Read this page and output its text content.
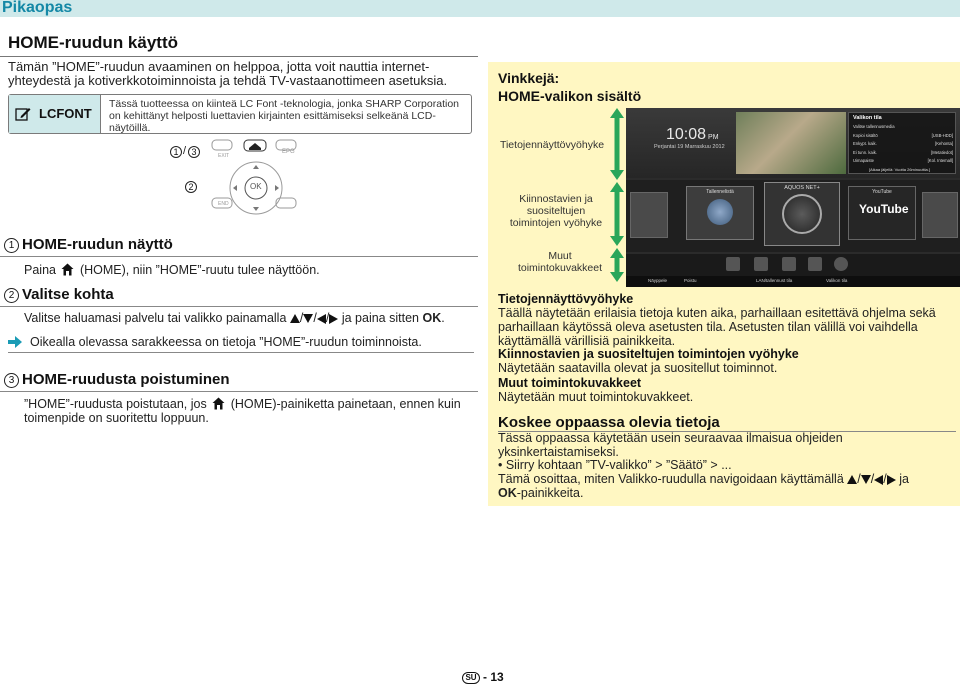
Pikaopas
HOME-ruudun käyttö
Tämän ”HOME”-ruudun avaaminen on helppoa, jotta voit nauttia internet-yhteydestä ja kotiverkkotoiminnoista ja tehdä TV-vastaanottimeen asetuksia.
LCFONT
Tässä tuotteessa on kiinteä LC Font -teknologia, jonka SHARP Corporation on kehittänyt helposti luettavien kirjainten esittämiseksi selkeänä LCD-näytöillä.
1 / 3
2
EXIT
EPG
OK
END
1 HOME-ruudun näyttö
Paina (HOME), niin ”HOME”-ruutu tulee näyttöön.
2 Valitse kohta
Valitse haluamasi palvelu tai valikko painamalla / / / ja paina sitten OK.
Oikealla olevassa sarakkeessa on tietoja ”HOME”-ruudun toiminnoista.
3 HOME-ruudusta poistuminen
”HOME”-ruudusta poistutaan, jos (HOME)-painiketta painetaan, ennen kuin toimenpide on suoritettu loppuun.
Vinkkejä:
HOME-valikon sisältö
Tietojennäyttövyöhyke
Kiinnostavien ja suositeltujen toimintojen vyöhyke
Muut toimintokuvakkeet
10:08 PM
Perjantai 19 Marraskuu 2012
Valikon tila
Valitse tallennusmedia
Kopioi sisältö	[USB-HDD]
Enkypt. kaik.	[Kehonta]
Ei tunn. kaik.	[Metatiedot]
Uimapaiste	[Kol. Intemall]
[Aikaa jäljellä: Vuotta 26minuuttia.]
Tallennelistä
AQUOS NET+
YouTube
YouTube
Näyppele	Poistu	LAN/tallennust tila	Valikon tila
Tietojennäyttövyöhyke
Täällä näytetään erilaisia tietoja kuten aika, parhaillaan esitettävä ohjelma sekä parhaillaan käytössä oleva asetusten tila. Asetusten tilan välillä voi vaihdella käyttämällä värillisiä painikkeita.
Kiinnostavien ja suositeltujen toimintojen vyöhyke
Näytetään saatavilla olevat ja suositellut toiminnot.
Muut toimintokuvakkeet
Näytetään muut toimintokuvakkeet.
Koskee oppaassa olevia tietoja
Tässä oppaassa käytetään usein seuraavaa ilmaisua ohjeiden yksinkertaistamiseksi.
• Siirry kohtaan ”TV-valikko” > ”Säätö” > ...
Tämä osoittaa, miten Valikko-ruudulla navigoidaan käyttämällä / / / ja
OK-painikkeita.
SU - 13
